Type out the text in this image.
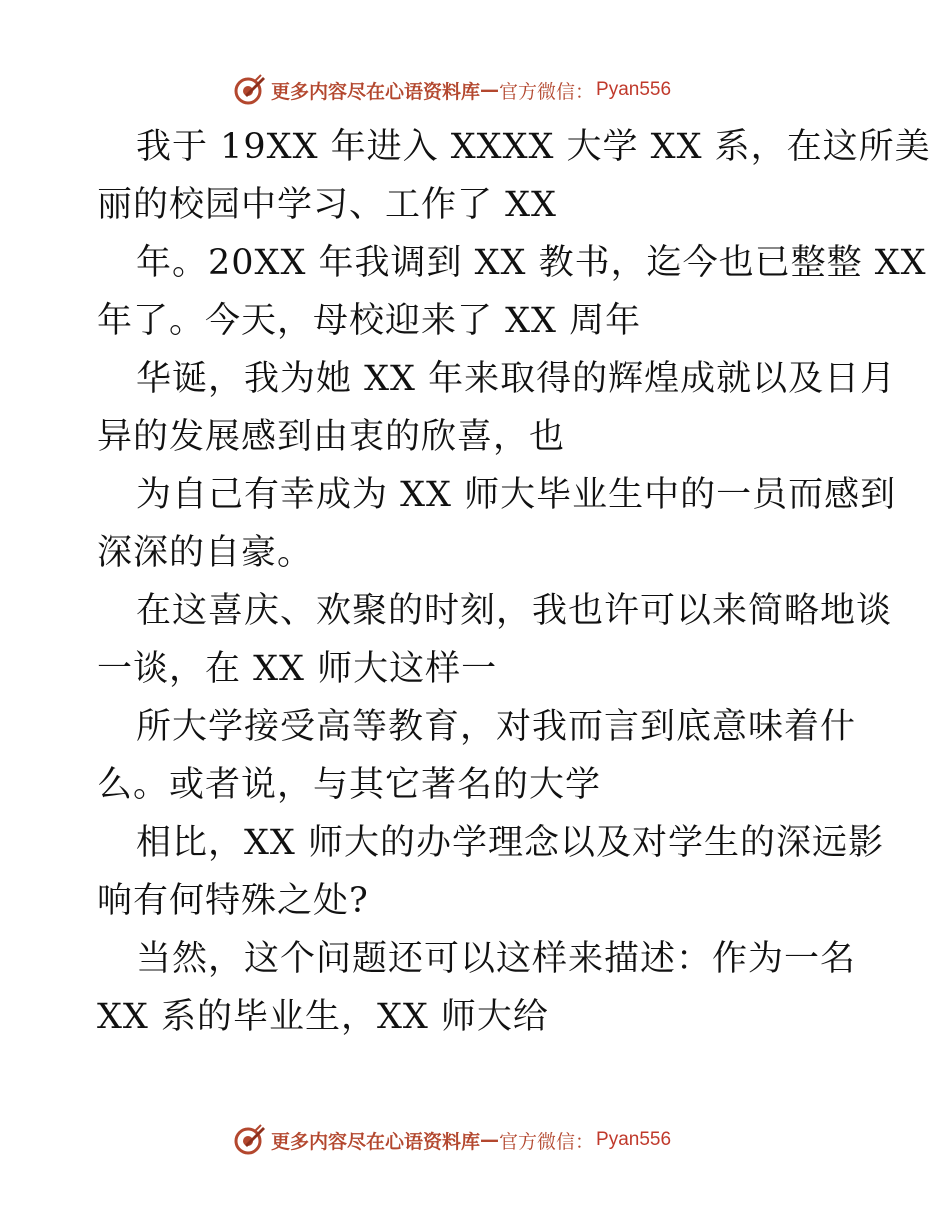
更多内容尽在心语资料库 — 官方微信： Pyan556
我于 19XX 年进入 XXXX 大学 XX 系，在这所美
丽的校园中学习、工作了 XX
年。20XX 年我调到 XX 教书，迄今也已整整 XX
年了。今天，母校迎来了 XX 周年
华诞，我为她 XX 年来取得的辉煌成就以及日月
异的发展感到由衷的欣喜，也
为自己有幸成为 XX 师大毕业生中的一员而感到
深深的自豪。
在这喜庆、欢聚的时刻，我也许可以来简略地谈
一谈，在 XX 师大这样一
所大学接受高等教育，对我而言到底意味着什
么。或者说，与其它著名的大学
相比，XX 师大的办学理念以及对学生的深远影
响有何特殊之处?
当然，这个问题还可以这样来描述：作为一名
XX 系的毕业生，XX 师大给
更多内容尽在心语资料库 — 官方微信： Pyan556
